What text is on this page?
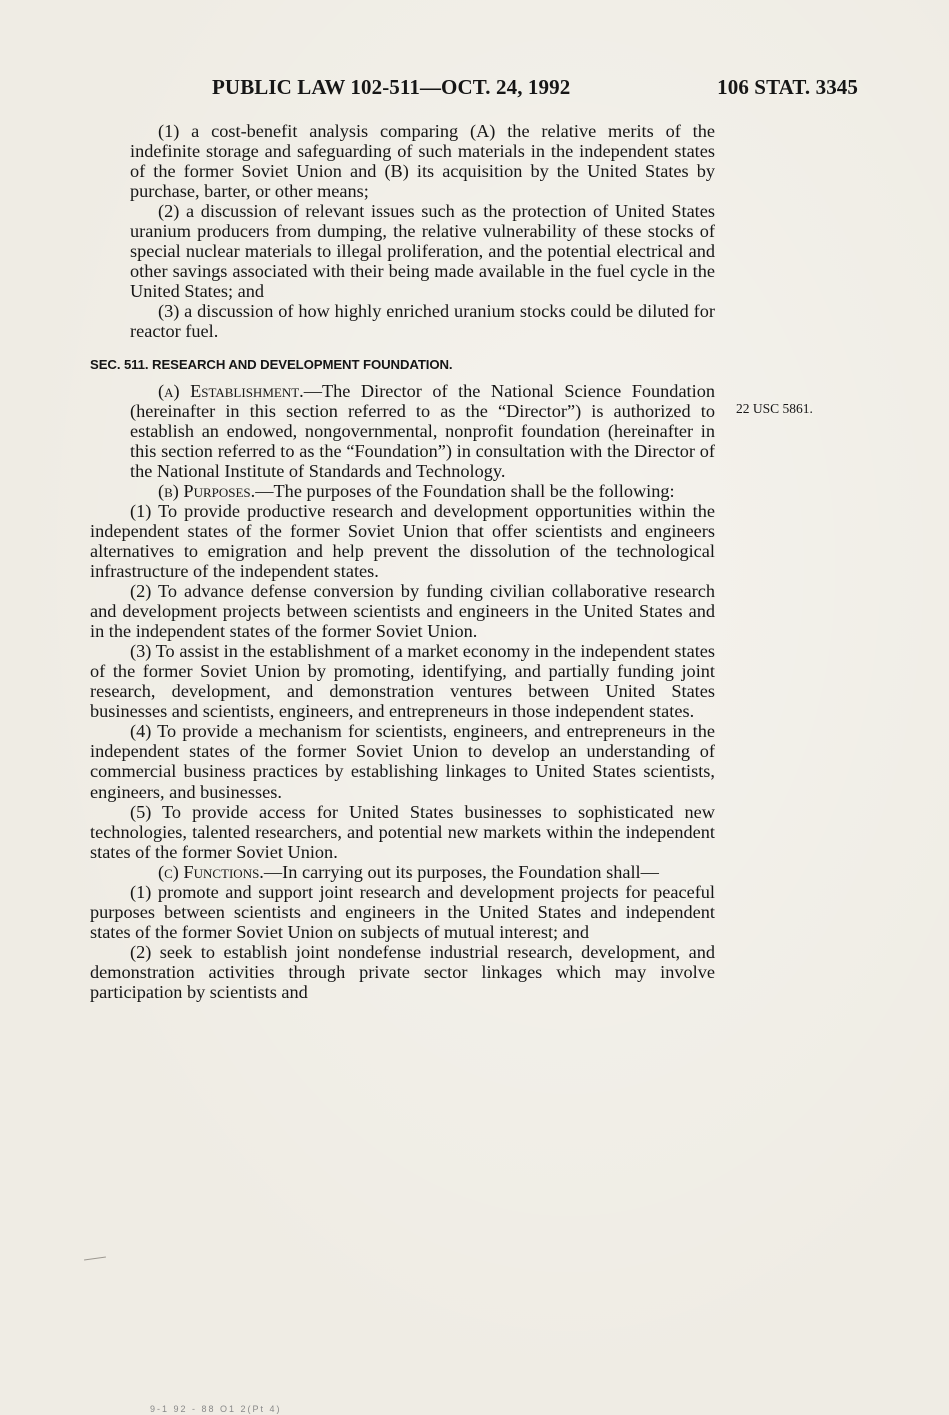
PUBLIC LAW 102-511—OCT. 24, 1992	106 STAT. 3345
22 USC 5861.

(1) a cost-benefit analysis comparing (A) the relative merits of the indefinite storage and safeguarding of such materials in the independent states of the former Soviet Union and (B) its acquisition by the United States by purchase, barter, or other means;

(2) a discussion of relevant issues such as the protection of United States uranium producers from dumping, the relative vulnerability of these stocks of special nuclear materials to illegal proliferation, and the potential electrical and other savings associated with their being made available in the fuel cycle in the United States; and

(3) a discussion of how highly enriched uranium stocks could be diluted for reactor fuel.

SEC. 511. RESEARCH AND DEVELOPMENT FOUNDATION.

(a) Establishment.—The Director of the National Science Foundation (hereinafter in this section referred to as the “Director”) is authorized to establish an endowed, nongovernmental, nonprofit foundation (hereinafter in this section referred to as the “Foundation”) in consultation with the Director of the National Institute of Standards and Technology.

(b) Purposes.—The purposes of the Foundation shall be the following:

(1) To provide productive research and development opportunities within the independent states of the former Soviet Union that offer scientists and engineers alternatives to emigration and help prevent the dissolution of the technological infrastructure of the independent states.

(2) To advance defense conversion by funding civilian collaborative research and development projects between scientists and engineers in the United States and in the independent states of the former Soviet Union.

(3) To assist in the establishment of a market economy in the independent states of the former Soviet Union by promoting, identifying, and partially funding joint research, development, and demonstration ventures between United States businesses and scientists, engineers, and entrepreneurs in those independent states.

(4) To provide a mechanism for scientists, engineers, and entrepreneurs in the independent states of the former Soviet Union to develop an understanding of commercial business practices by establishing linkages to United States scientists, engineers, and businesses.

(5) To provide access for United States businesses to sophisticated new technologies, talented researchers, and potential new markets within the independent states of the former Soviet Union.

(c) Functions.—In carrying out its purposes, the Foundation shall—

(1) promote and support joint research and development projects for peaceful purposes between scientists and engineers in the United States and independent states of the former Soviet Union on subjects of mutual interest; and

(2) seek to establish joint nondefense industrial research, development, and demonstration activities through private sector linkages which may involve participation by scientists and

9-1 92 - 88 O1 2(Pt 4)
